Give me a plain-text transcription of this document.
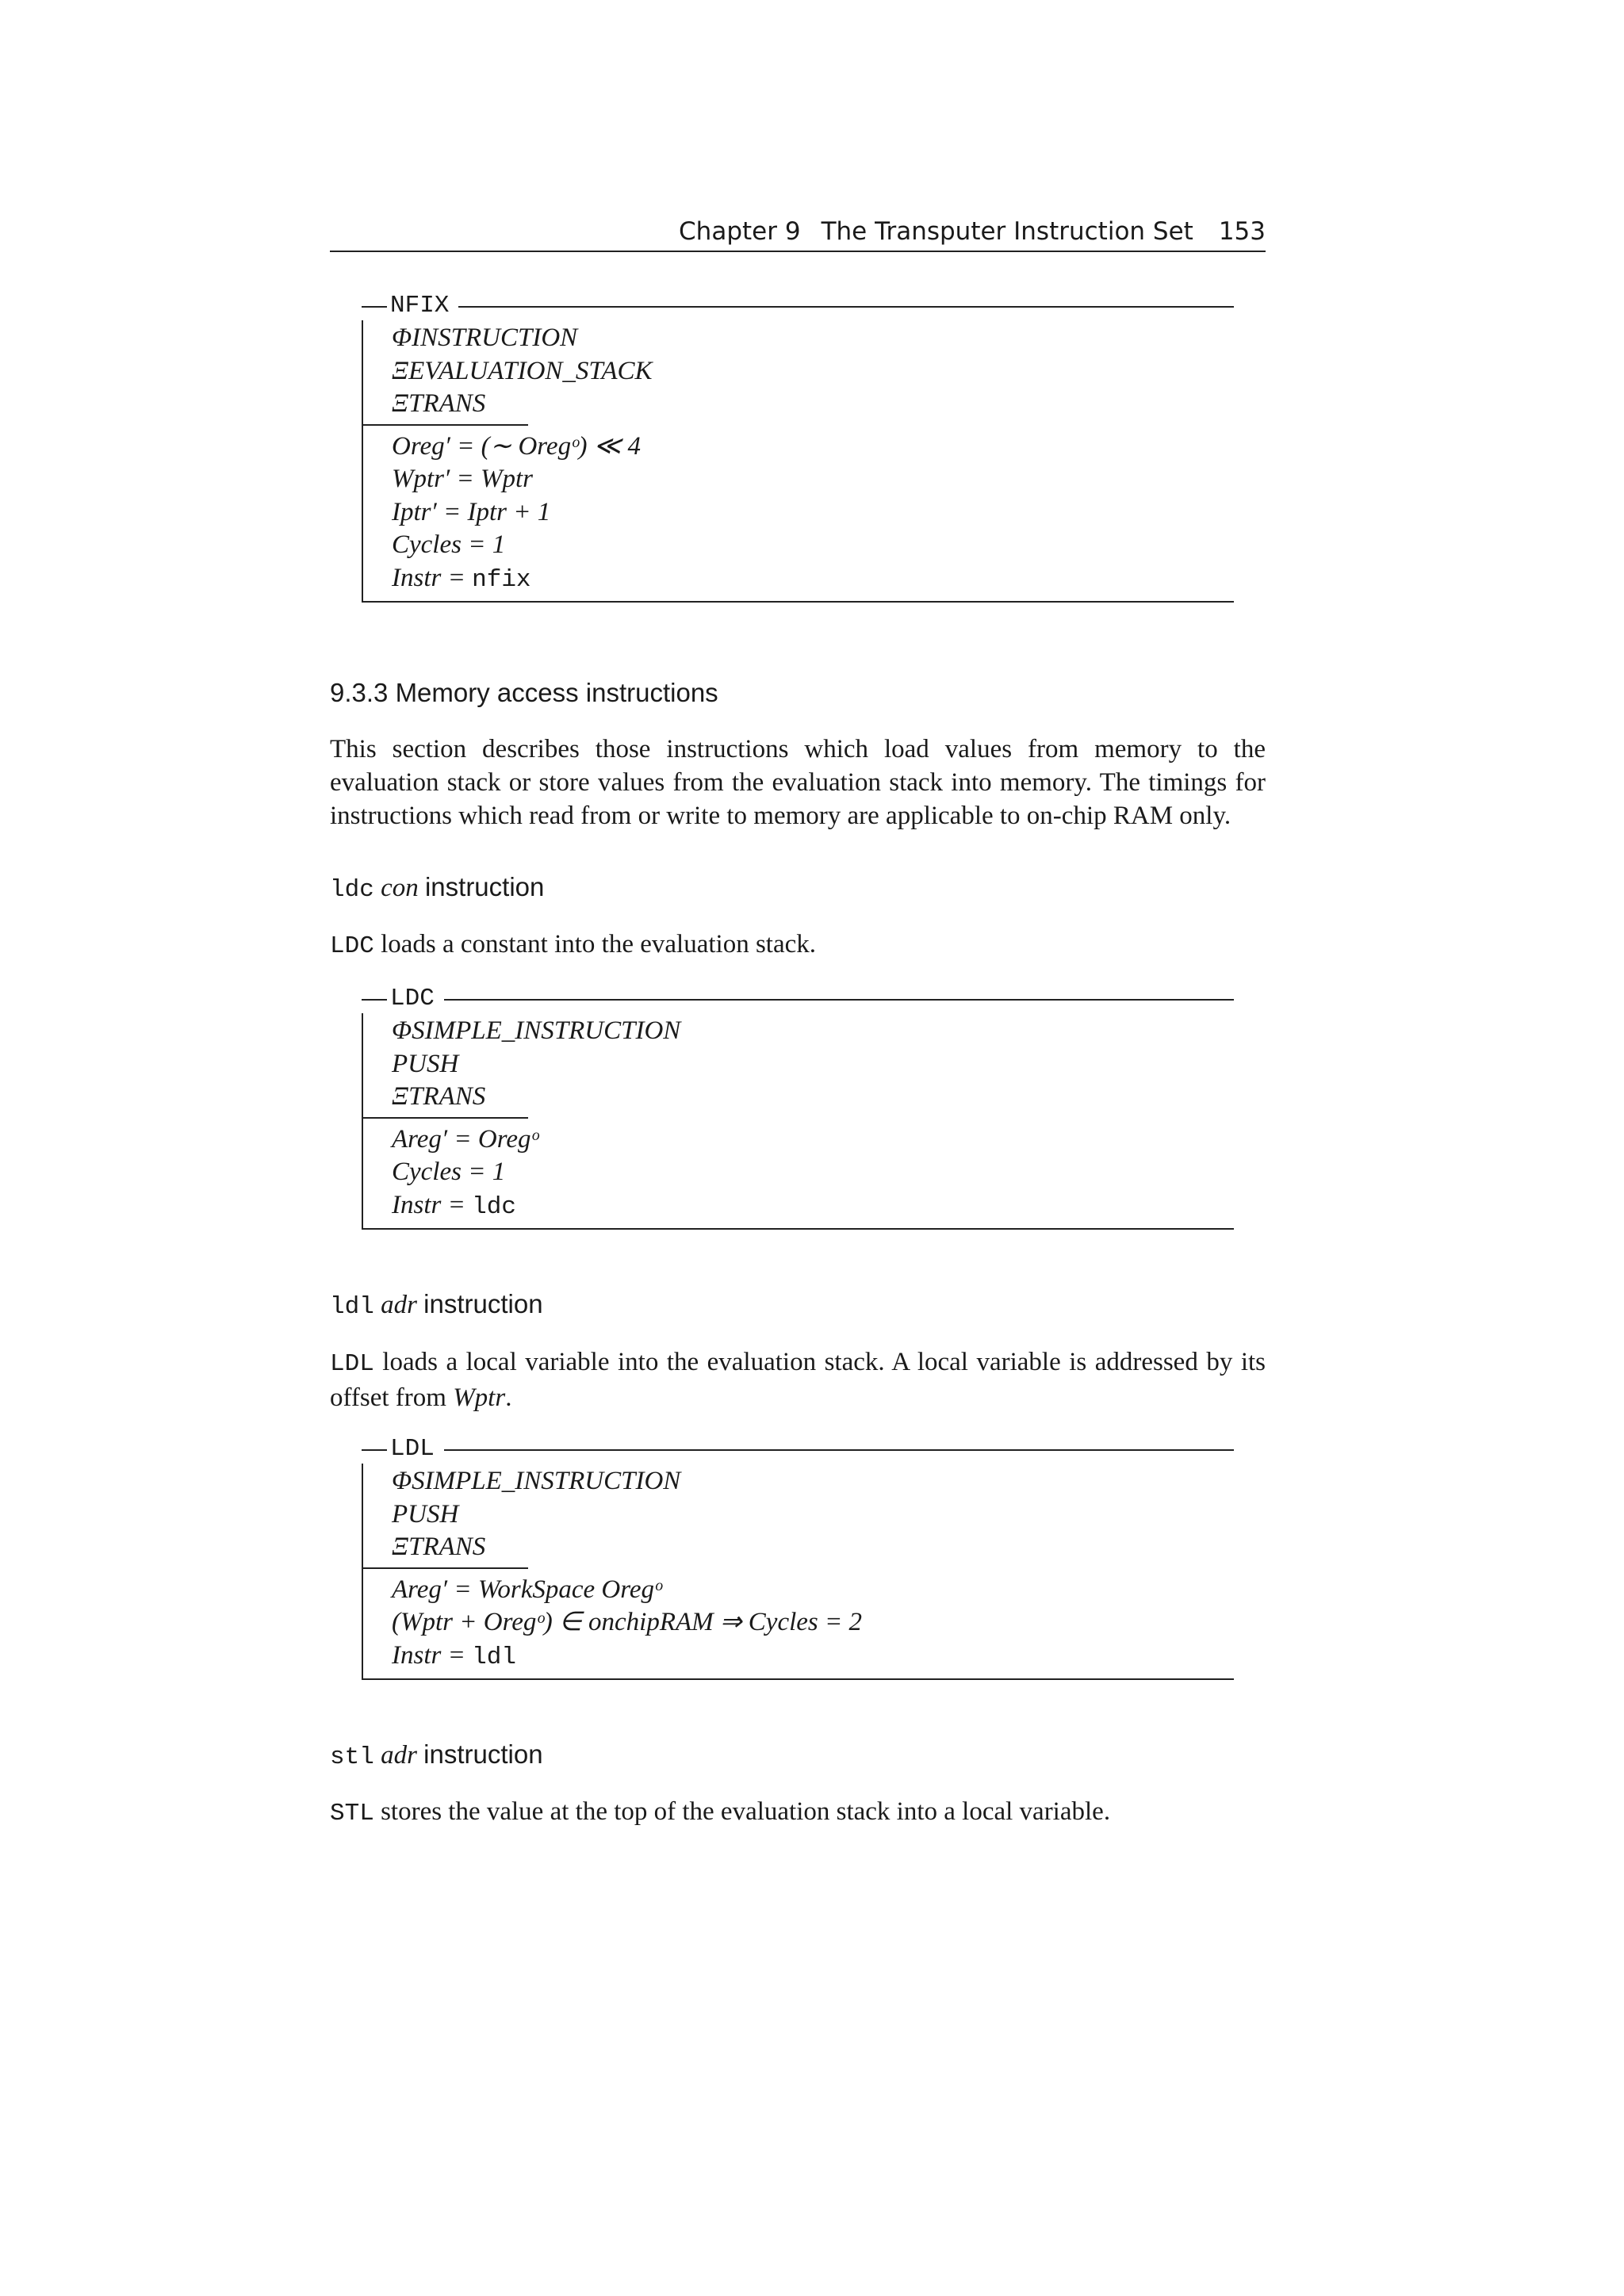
Chapter 9 The Transputer Instruction Set 153
NFIX
ΦINSTRUCTION
ΞEVALUATION_STACK
ΞTRANS
Oreg′ = (∼ Oregᵒ) ≪ 4
Wptr′ = Wptr
Iptr′ = Iptr + 1
Cycles = 1
Instr = nfix
9.3.3 Memory access instructions
This section describes those instructions which load values from memory to the evaluation stack or store values from the evaluation stack into memory. The timings for instructions which read from or write to memory are applicable to on-chip RAM only.
ldc con instruction
LDC loads a constant into the evaluation stack.
LDC
ΦSIMPLE_INSTRUCTION
PUSH
ΞTRANS
Areg′ = Oregᵒ
Cycles = 1
Instr = ldc
ldl adr instruction
LDL loads a local variable into the evaluation stack. A local variable is addressed by its offset from Wptr.
LDL
ΦSIMPLE_INSTRUCTION
PUSH
ΞTRANS
Areg′ = WorkSpace Oregᵒ
(Wptr + Oregᵒ) ∈ onchipRAM ⇒ Cycles = 2
Instr = ldl
stl adr instruction
STL stores the value at the top of the evaluation stack into a local variable.
